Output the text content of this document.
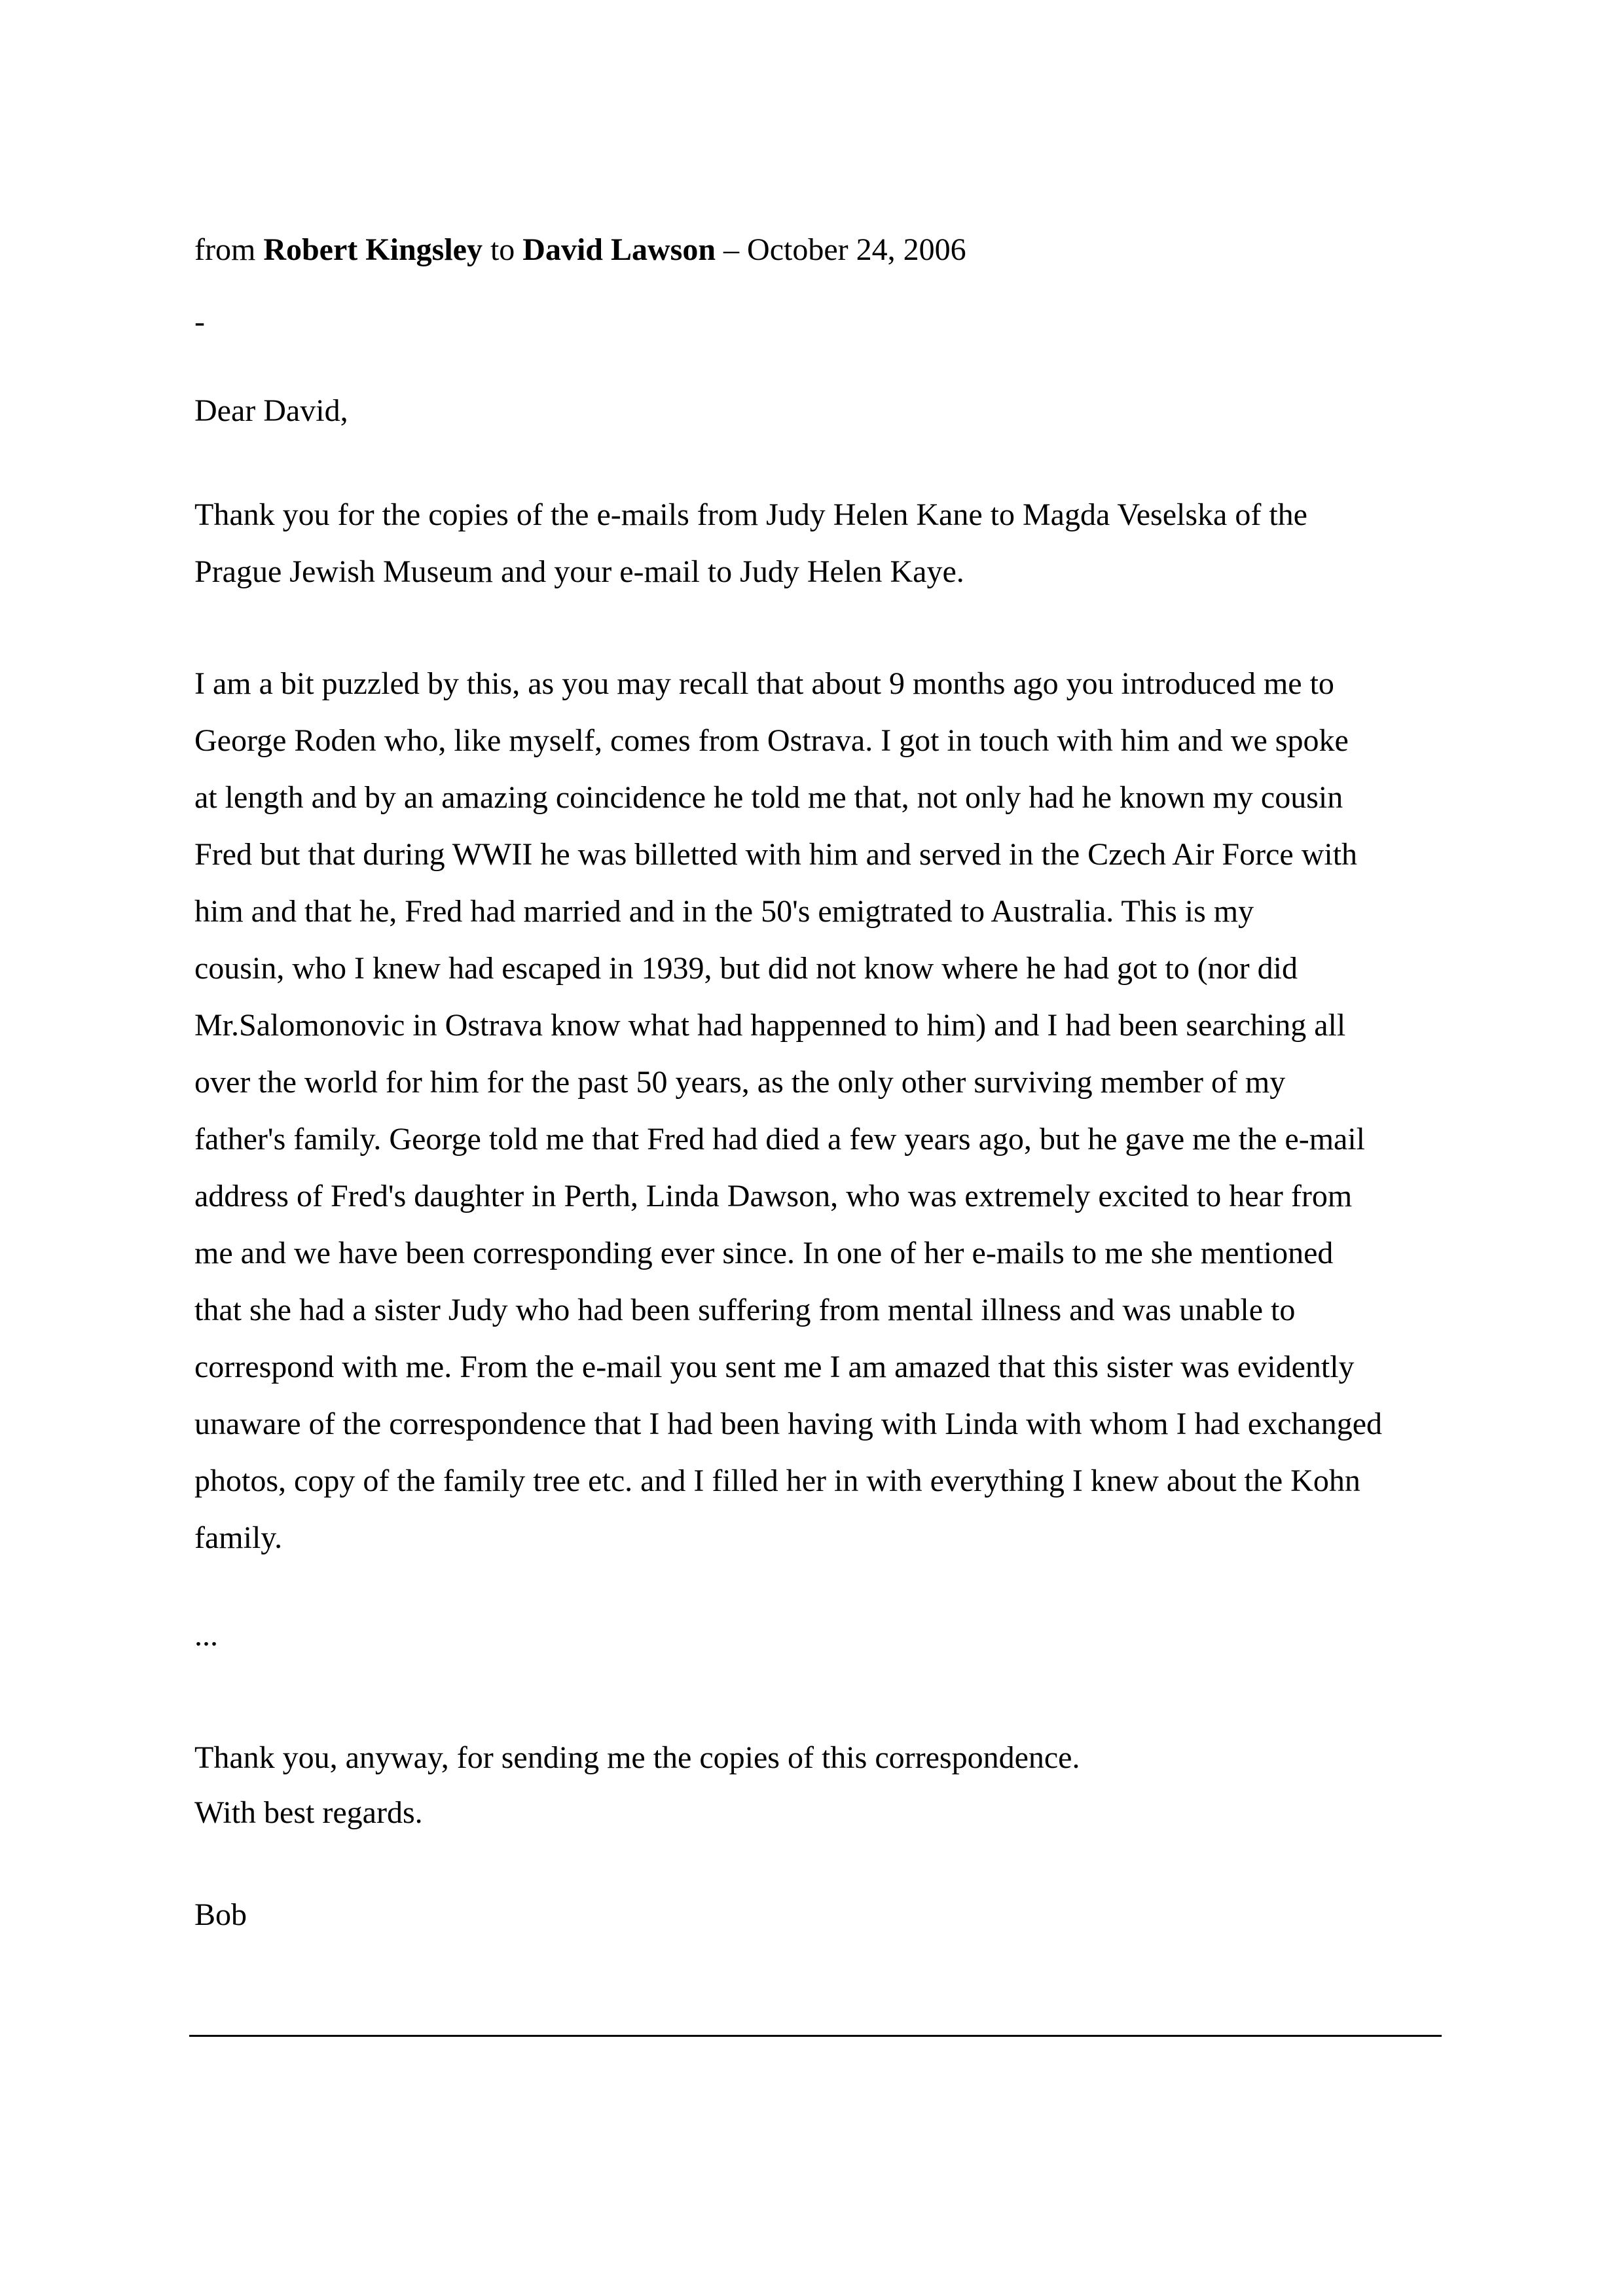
from Robert Kingsley to David Lawson – October 24, 2006

-

Dear David,

Thank you for the copies of the e-mails from Judy Helen Kane to Magda Veselska of the
Prague Jewish Museum and your e-mail to Judy Helen Kaye.

I am a bit puzzled by this, as you may recall that about 9 months ago you introduced me to
George Roden who, like myself, comes from Ostrava. I got in touch with him and we spoke
at length and by an amazing coincidence he told me that, not only had he known my cousin
Fred but that during WWII he was billetted with him and served in the Czech Air Force with
him and that he, Fred had married and in the 50's emigtrated to Australia. This is my
cousin, who I knew had escaped in 1939, but did not know where he had got to (nor did
Mr.Salomonovic in Ostrava know what had happenned to him) and I had been searching all
over the world for him for the past 50 years, as the only other surviving member of my
father's family. George told me that Fred had died a few years ago, but he gave me the e-mail
address of Fred's daughter in Perth, Linda Dawson, who was extremely excited to hear from
me and we have been corresponding ever since. In one of her e-mails to me she mentioned
that she had a sister Judy who had been suffering from mental illness and was unable to
correspond with me. From the e-mail you sent me I am amazed that this sister was evidently
unaware of the correspondence that I had been having with Linda with whom I had exchanged
photos, copy of the family tree etc. and I filled her in with everything I knew about the Kohn
family.

...

Thank you, anyway, for sending me the copies of this correspondence.
With best regards.

Bob
